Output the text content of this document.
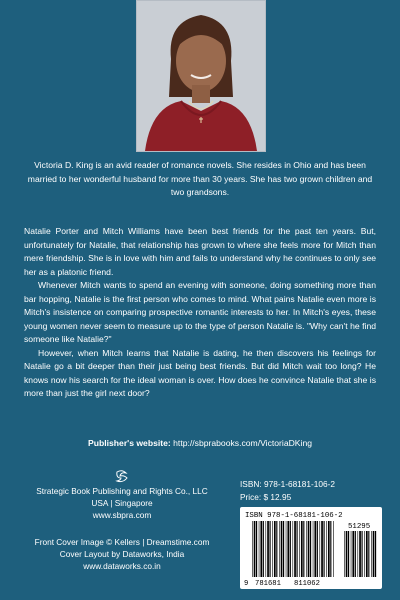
Victoria D. King is an avid reader of romance novels. She resides in Ohio and has been married to her wonderful husband for more than 30 years. She has two grown children and two grandsons.

Natalie Porter and Mitch Williams have been best friends for the past ten years. But, unfortunately for Natalie, that relationship has grown to where she feels more for Mitch than mere friendship. She is in love with him and fails to understand why he continues to only see her as a platonic friend.

Whenever Mitch wants to spend an evening with someone, doing something more than bar hopping, Natalie is the first person who comes to mind. What pains Natalie even more is Mitch's insistence on comparing prospective romantic interests to her. In Mitch's eyes, these young women never seem to measure up to the type of person Natalie is. "Why can't he find someone like Natalie?"

However, when Mitch learns that Natalie is dating, he then discovers his feelings for Natalie go a bit deeper than their just being best friends. But did Mitch wait too long? He knows now his search for the ideal woman is over. How does he convince Natalie that she is more than just the girl next door?

Publisher's website: http://sbprabooks.com/VictoriaDKing

Strategic Book Publishing and Rights Co., LLC
USA | Singapore
www.sbpra.com
Front Cover Image © Kellers | Dreamstime.com
Cover Layout by Dataworks, India
www.dataworks.co.in
ISBN: 978-1-68181-106-2
Price: $ 12.95
ISBN 978-1-68181-106-2
51295
9 781681 811062
